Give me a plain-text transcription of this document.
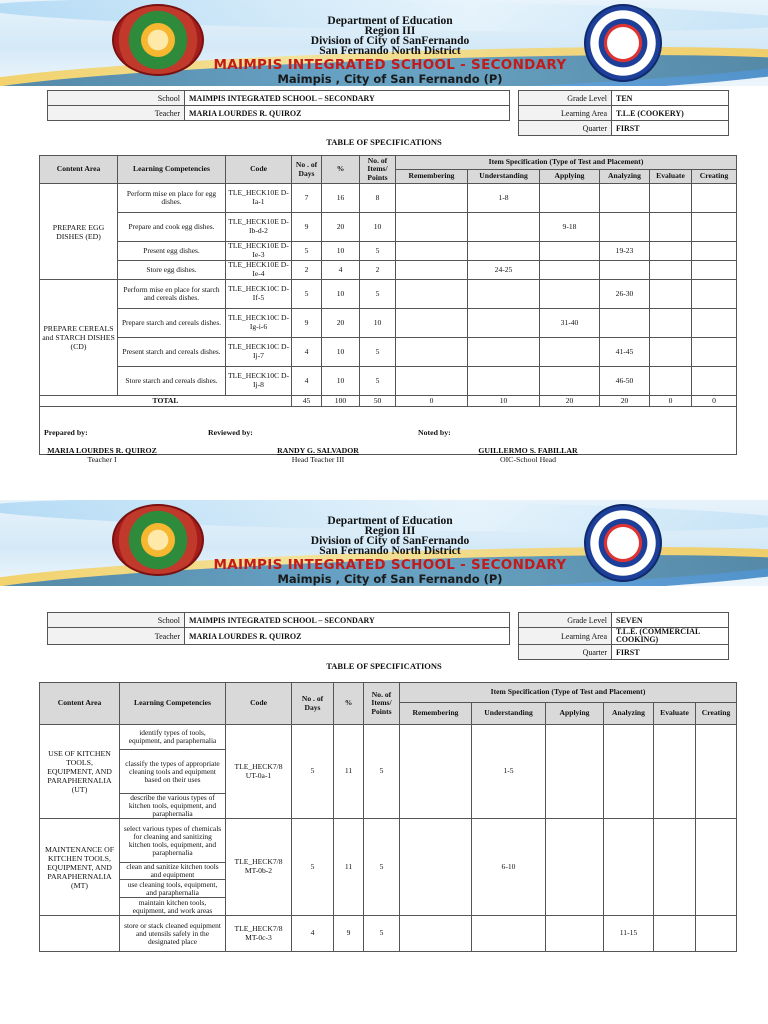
Department of Education
Region III
Division of City of SanFernando
San Fernando North District
MAIMPIS INTEGRATED SCHOOL - SECONDARY
Maimpis , City of San Fernando (P)
School	MAIMPIS INTEGRATED SCHOOL – SECONDARY		Grade Level	TEN
Teacher	MARIA LOURDES R. QUIROZ		Learning Area	T.L.E (COOKERY)
			Quarter	FIRST
TABLE OF SPECIFICATIONS
Content Area	Learning Competencies	Code	No . of Days	%	No. of Items/ Points	Item Specification (Type of Test and Placement)					
						Remembering	Understanding	Applying	Analyzing	Evaluate	Creating
PREPARE EGG DISHES (ED)	Perform mise en place for egg dishes.	TLE_HECK10E D-Ia-1	7	16	8		1-8				
	Prepare and cook egg dishes.	TLE_HECK10E D-Ib-d-2	9	20	10			9-18			
	Present egg dishes.	TLE_HECK10E D-Ie-3	5	10	5				19-23		
	Store egg dishes.	TLE_HECK10E D-Ie-4	2	4	2		24-25				
PREPARE CEREALS and STARCH DISHES (CD)	Perform mise en place for starch and cereals dishes.	TLE_HECK10C D-If-5	5	10	5				26-30		
	Prepare starch and cereals dishes.	TLE_HECK10C D-Ig-i-6	9	20	10			31-40			
	Present starch and cereals dishes.	TLE_HECK10C D-Ij-7	4	10	5				41-45		
	Store starch and cereals dishes.	TLE_HECK10C D-Ij-8	4	10	5				46-50		
TOTAL			45	100	50	0	10	20	20	0	0

Prepared by:	Reviewed by:	Noted by:
MARIA LOURDES R. QUIROZ
Teacher I
RANDY G. SALVADOR
Head Teacher III
GUILLERMO S. FABILLAR
OIC-School Head
Department of Education
Region III
Division of City of SanFernando
San Fernando North District
MAIMPIS INTEGRATED SCHOOL - SECONDARY
Maimpis , City of San Fernando (P)
School	MAIMPIS INTEGRATED SCHOOL – SECONDARY		Grade Level	SEVEN
Teacher	MARIA LOURDES R. QUIROZ		Learning Area	T.L.E. (COMMERCIAL COOKING)
			Quarter	FIRST
TABLE OF SPECIFICATIONS
Content Area	Learning Competencies	Code	No . of Days	%	No. of Items/ Points	Item Specification (Type of Test and Placement)					
						Remembering	Understanding	Applying	Analyzing	Evaluate	Creating
USE OF KITCHEN TOOLS, EQUIPMENT, AND PARAPHERNALIA (UT)	identify types of tools, equipment, and paraphernalia	TLE_HECK7/8 UT-0a-1	5	11	5		1-5				
	classify the types of appropriate cleaning tools and equipment based on their uses										
	describe the various types of kitchen tools, equipment, and paraphernalia										
MAINTENANCE OF KITCHEN TOOLS, EQUIPMENT, AND PARAPHERNALIA (MT)	select various types of chemicals for cleaning and sanitizing kitchen tools, equipment, and paraphernalia	TLE_HECK7/8 MT-0b-2	5	11	5		6-10				
	clean and sanitize kitchen tools and equipment										
	use cleaning tools, equipment, and paraphernalia										
	maintain kitchen tools, equipment, and work areas										
	store or stack cleaned equipment and utensils safely in the designated place	TLE_HECK7/8 MT-0c-3	4	9	5				11-15		
